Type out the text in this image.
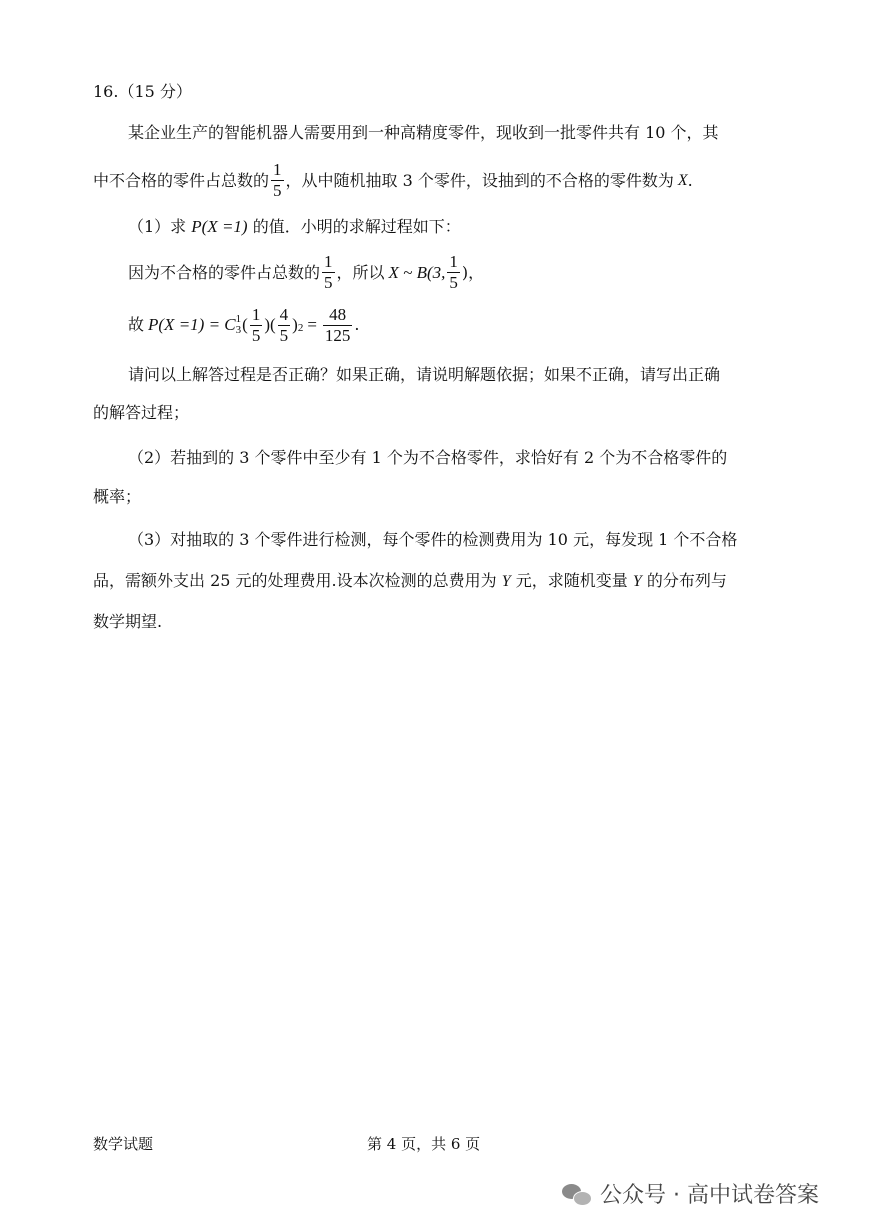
16.（15 分）
某企业生产的智能机器人需要用到一种高精度零件，现收到一批零件共有 10 个，其
中不合格的零件占总数的 $\frac{1}{5}$ ，从中随机抽取 3 个零件，设抽到的不合格的零件数为 X .
（1）求 P(X =1) 的值．小明的求解过程如下：
因为不合格的零件占总数的 $\frac{1}{5}$ ，所以 X ~ B(3, $\frac{1}{5}$ )，
故 P(X =1) = C 1
3 ( $\frac{1}{5}$ )( $\frac{4}{5}$ ) $2 = \frac{48}{125}$ .
请问以上解答过程是否正确？如果正确，请说明解题依据；如果不正确，请写出正确
的解答过程；
（2）若抽到的 3 个零件中至少有 1 个为不合格零件，求恰好有 2 个为不合格零件的
概率；
（3）对抽取的 3 个零件进行检测，每个零件的检测费用为 10 元，每发现 1 个不合格
品，需额外支出 25 元的处理费用.设本次检测的总费用为 Y 元，求随机变量 Y 的分布列与
数学期望.
数学试题	第 4 页，共 6 页
公众号 · 高中试卷答案
